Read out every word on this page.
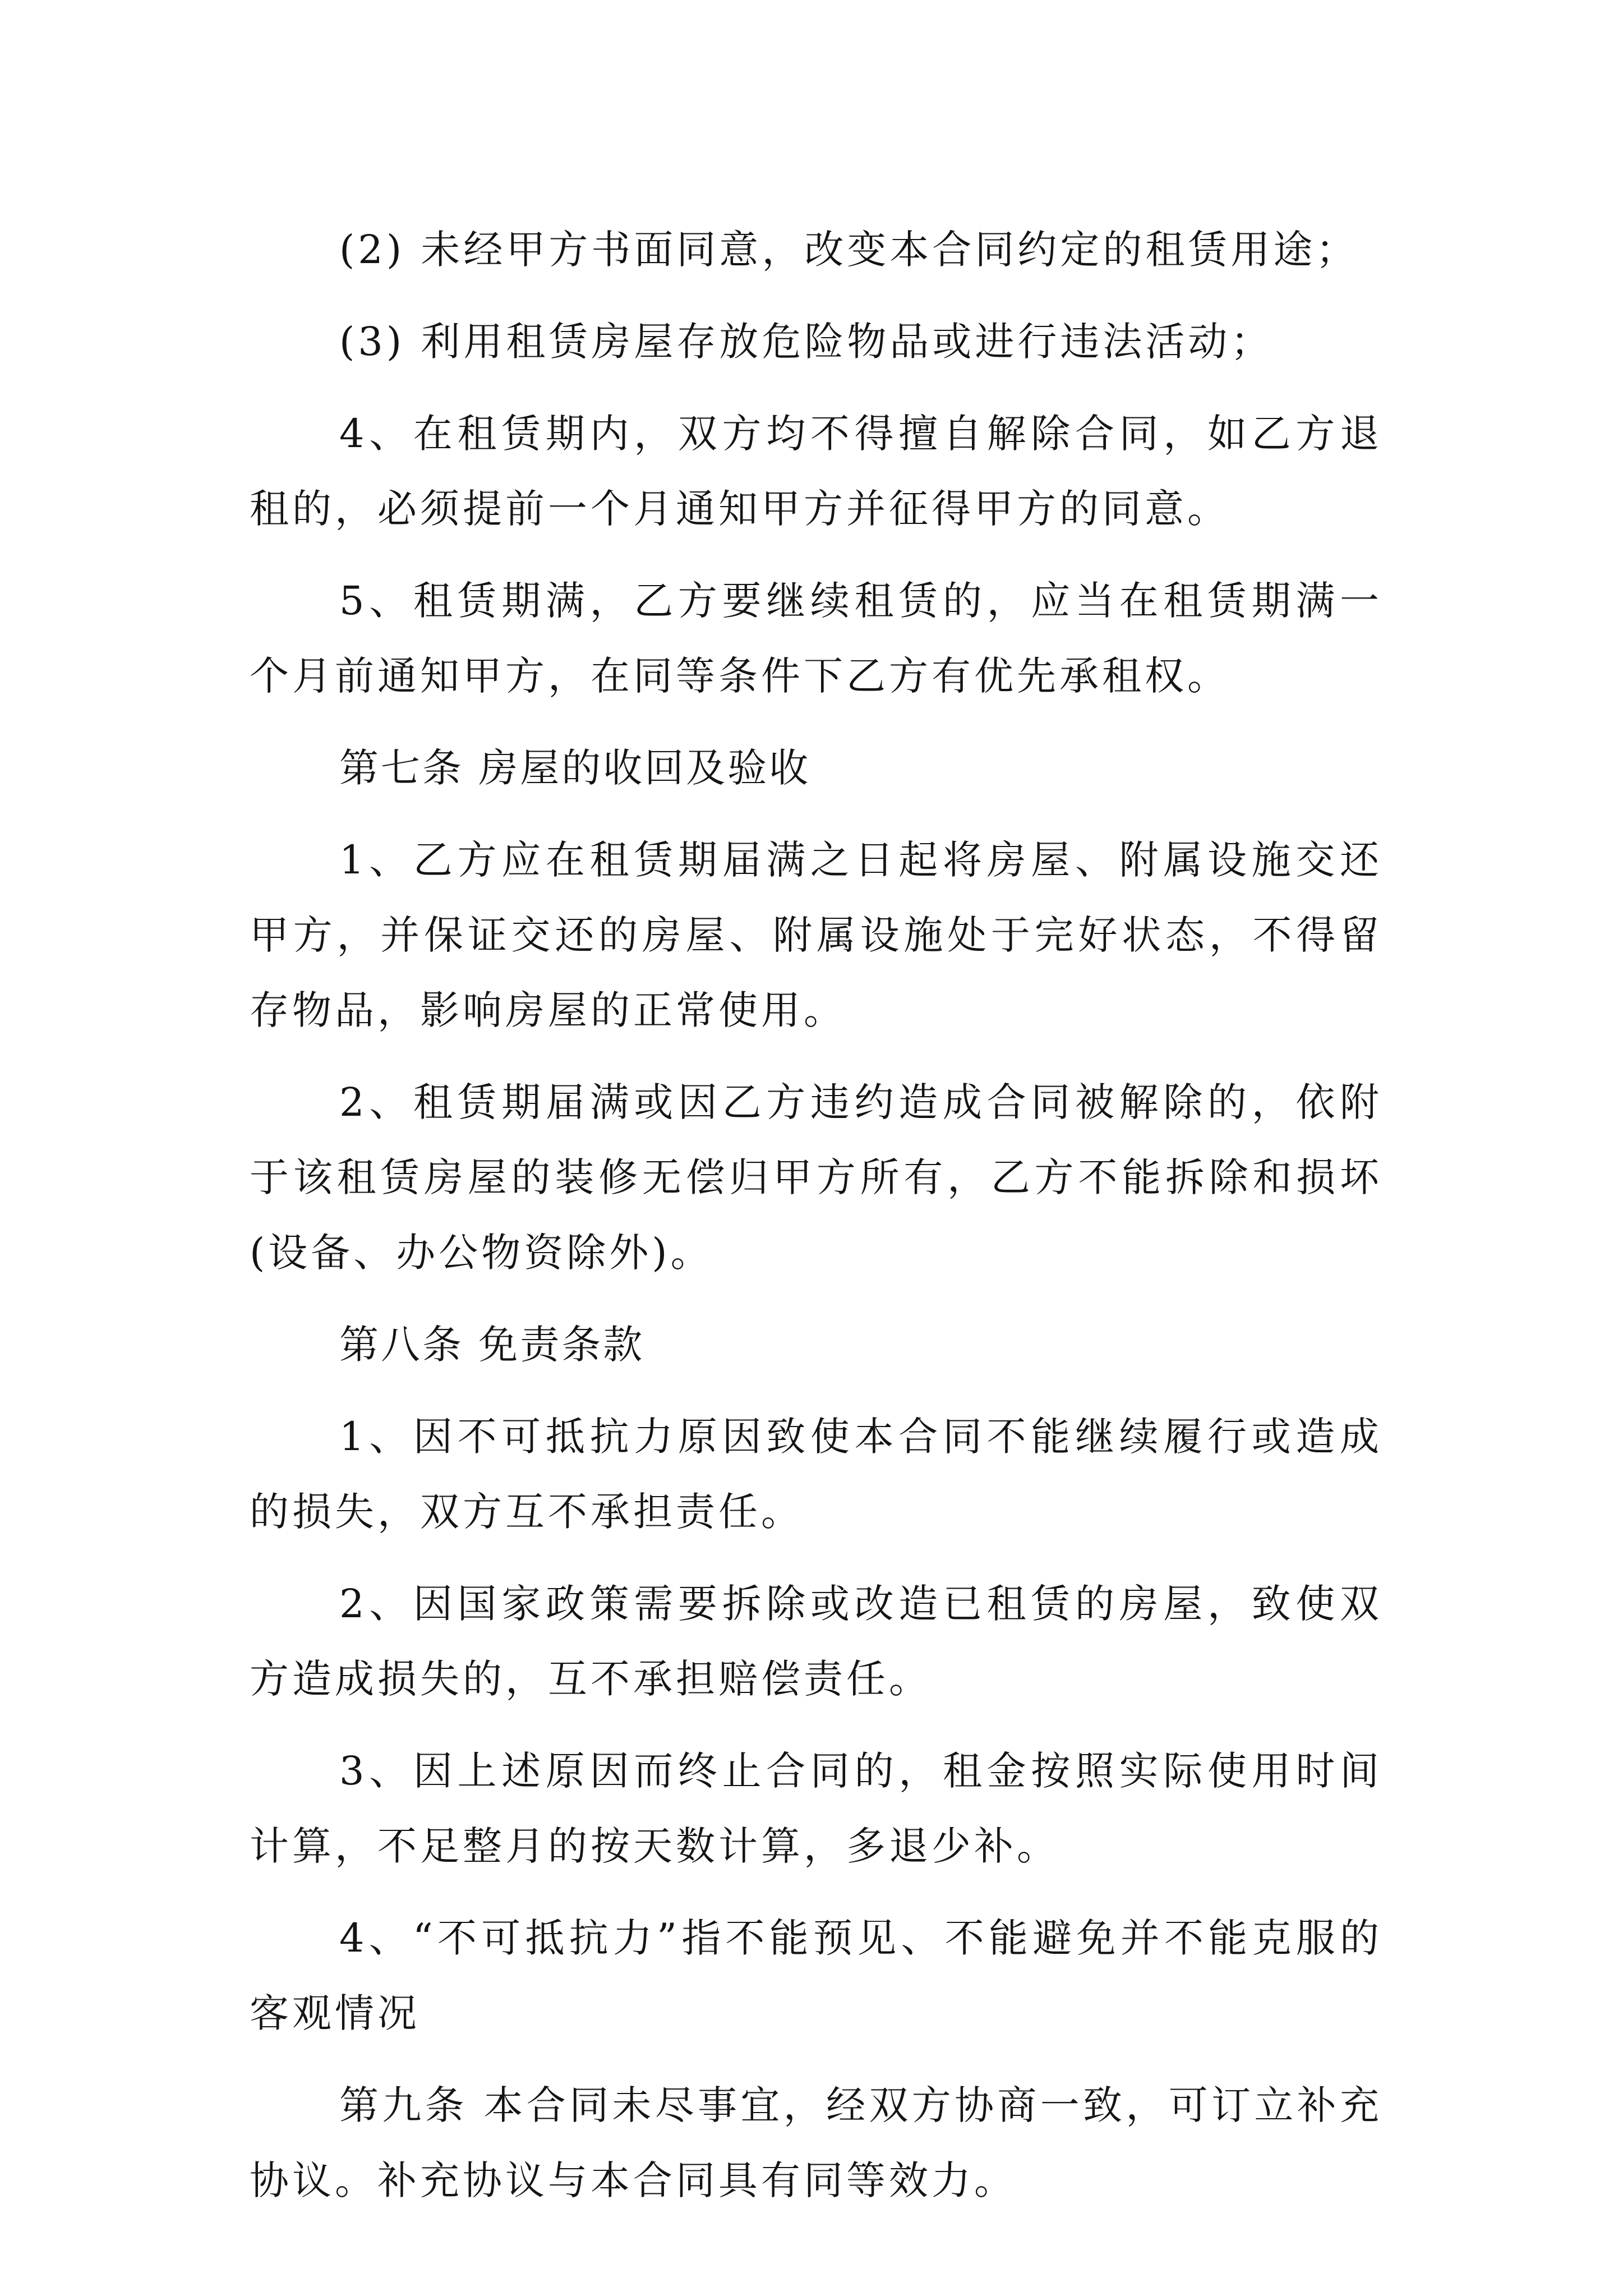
(2) 未经甲方书面同意，改变本合同约定的租赁用途；

(3) 利用租赁房屋存放危险物品或进行违法活动；

4、在租赁期内，双方均不得擅自解除合同，如乙方退租的，必须提前一个月通知甲方并征得甲方的同意。

5、租赁期满，乙方要继续租赁的，应当在租赁期满一个月前通知甲方，在同等条件下乙方有优先承租权。

第七条 房屋的收回及验收

1、乙方应在租赁期届满之日起将房屋、附属设施交还甲方，并保证交还的房屋、附属设施处于完好状态，不得留存物品，影响房屋的正常使用。

2、租赁期届满或因乙方违约造成合同被解除的，依附于该租赁房屋的装修无偿归甲方所有，乙方不能拆除和损坏(设备、办公物资除外)。

第八条 免责条款

1、因不可抵抗力原因致使本合同不能继续履行或造成的损失，双方互不承担责任。

2、因国家政策需要拆除或改造已租赁的房屋，致使双方造成损失的，互不承担赔偿责任。

3、因上述原因而终止合同的，租金按照实际使用时间计算，不足整月的按天数计算，多退少补。

4、“不可抵抗力”指不能预见、不能避免并不能克服的客观情况

第九条 本合同未尽事宜，经双方协商一致，可订立补充协议。补充协议与本合同具有同等效力。
